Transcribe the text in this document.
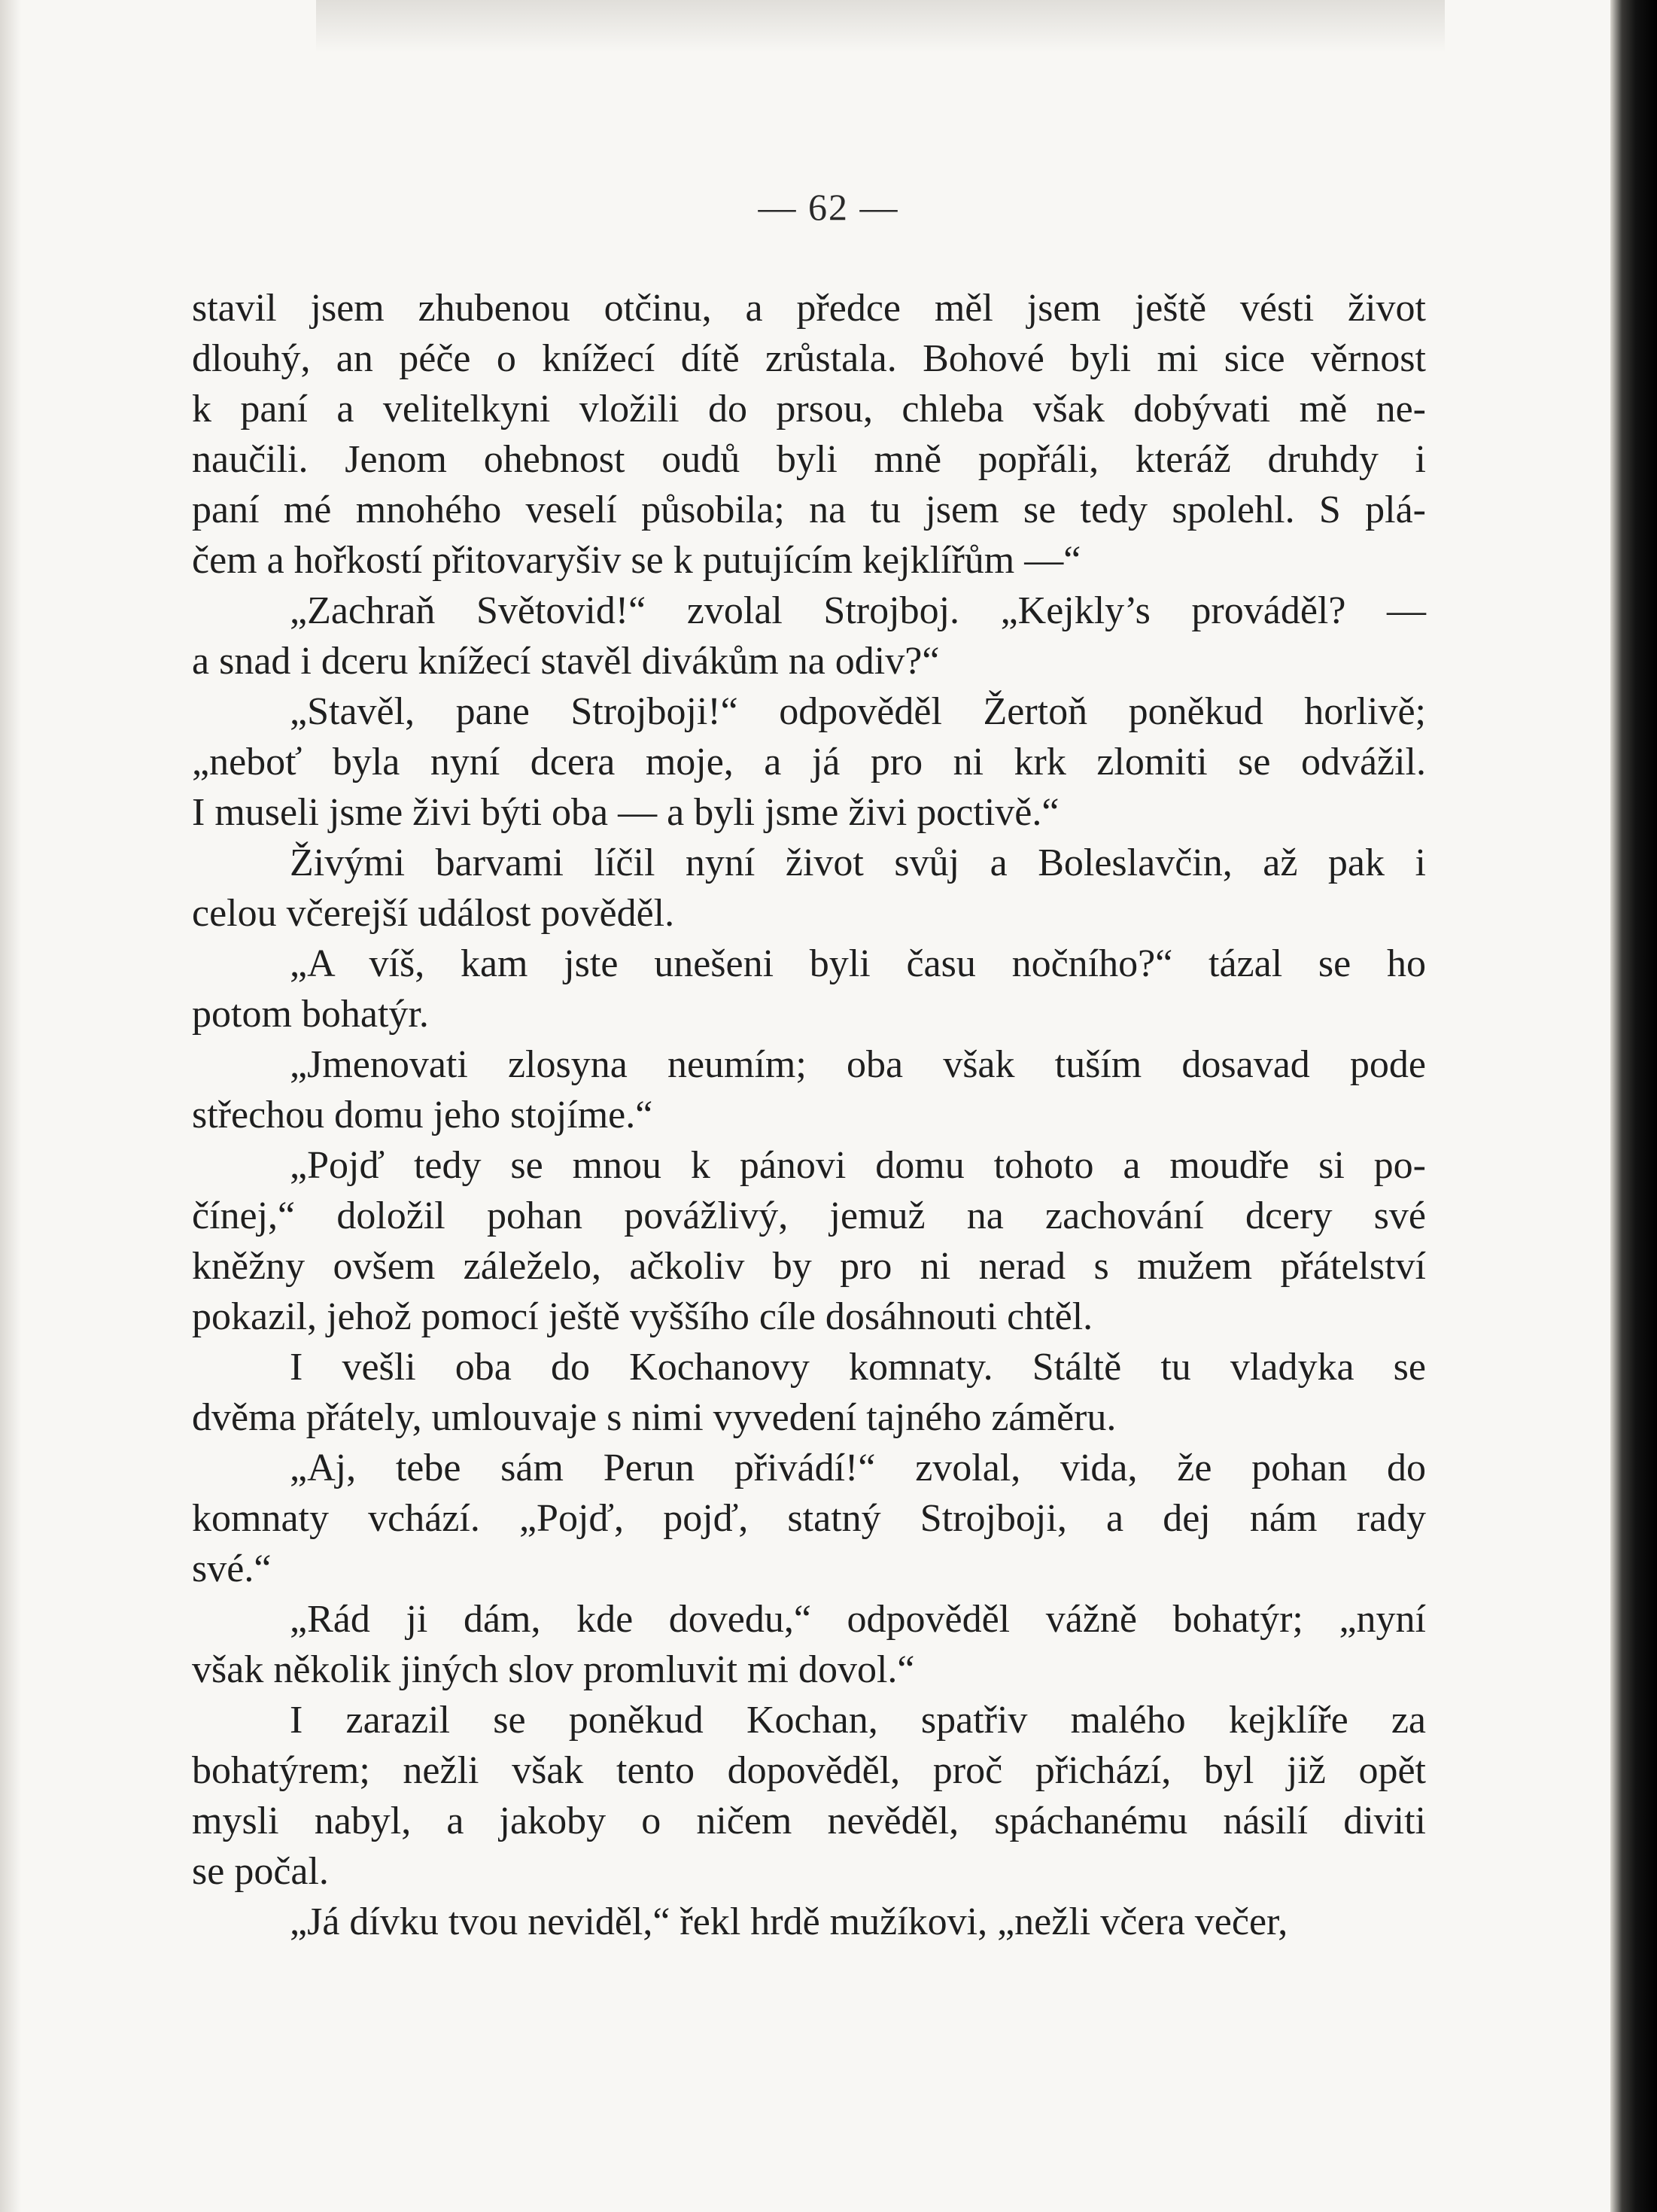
— 62 —
stavil jsem zhubenou otčinu, a předce měl jsem ještě vésti život
dlouhý, an péče o knížecí dítě zrůstala. Bohové byli mi sice věrnost
k paní a velitelkyni vložili do prsou, chleba však dobývati mě ne-
naučili. Jenom ohebnost oudů byli mně popřáli, kteráž druhdy i
paní mé mnohého veselí působila; na tu jsem se tedy spolehl. S plá-
čem a hořkostí přitovaryšiv se k putujícím kejklířům —“
„Zachraň Světovid!“ zvolal Strojboj. „Kejkly’s prováděl? —
a snad i dceru knížecí stavěl divákům na odiv?“
„Stavěl, pane Strojboji!“ odpověděl Žertoň poněkud horlivě;
„neboť byla nyní dcera moje, a já pro ni krk zlomiti se odvážil.
I museli jsme živi býti oba — a byli jsme živi poctivě.“
Živými barvami líčil nyní život svůj a Boleslavčin, až pak i
celou včerejší událost pověděl.
„A víš, kam jste unešeni byli času nočního?“ tázal se ho
potom bohatýr.
„Jmenovati zlosyna neumím; oba však tuším dosavad pode
střechou domu jeho stojíme.“
„Pojď tedy se mnou k pánovi domu tohoto a moudře si po-
čínej,“ doložil pohan povážlivý, jemuž na zachování dcery své
kněžny ovšem záleželo, ačkoliv by pro ni nerad s mužem přátelství
pokazil, jehož pomocí ještě vyššího cíle dosáhnouti chtěl.
I vešli oba do Kochanovy komnaty. Stáltě tu vladyka se
dvěma přátely, umlouvaje s nimi vyvedení tajného záměru.
„Aj, tebe sám Perun přivádí!“ zvolal, vida, že pohan do
komnaty vchází. „Pojď, pojď, statný Strojboji, a dej nám rady
své.“
„Rád ji dám, kde dovedu,“ odpověděl vážně bohatýr; „nyní
však několik jiných slov promluvit mi dovol.“
I zarazil se poněkud Kochan, spatřiv malého kejklíře za
bohatýrem; nežli však tento dopověděl, proč přichází, byl již opět
mysli nabyl, a jakoby o ničem nevěděl, spáchanému násilí diviti
se počal.
„Já dívku tvou neviděl,“ řekl hrdě mužíkovi, „nežli včera večer,
